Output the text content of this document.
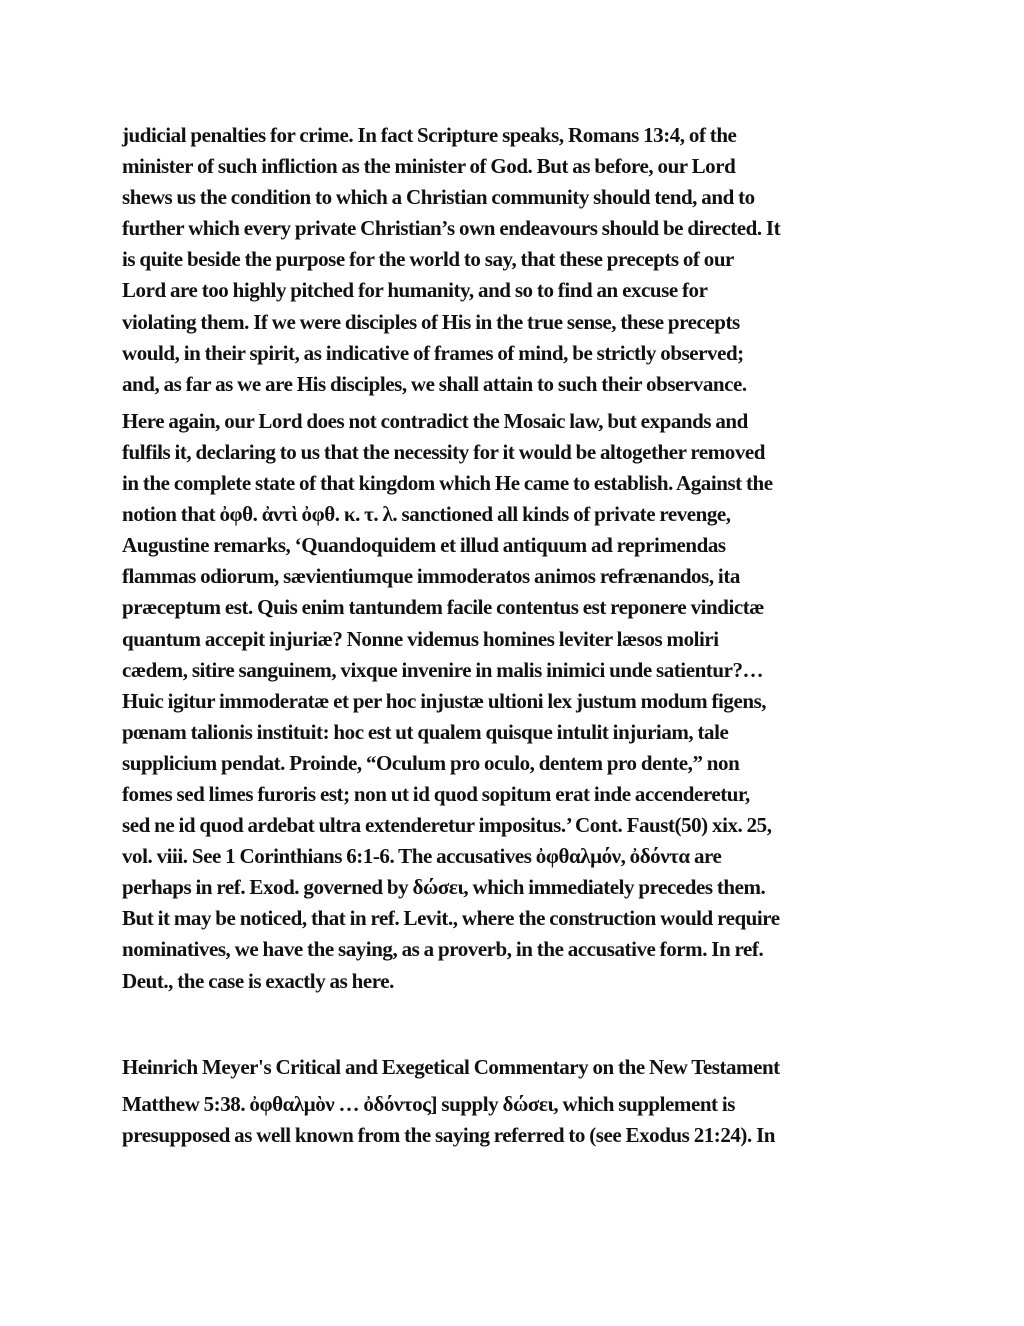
judicial penalties for crime. In fact Scripture speaks, Romans 13:4, of the
minister of such infliction as the minister of God. But as before, our Lord
shews us the condition to which a Christian community should tend, and to
further which every private Christian’s own endeavours should be directed. It
is quite beside the purpose for the world to say, that these precepts of our
Lord are too highly pitched for humanity, and so to find an excuse for
violating them. If we were disciples of His in the true sense, these precepts
would, in their spirit, as indicative of frames of mind, be strictly observed;
and, as far as we are His disciples, we shall attain to such their observance.
Here again, our Lord does not contradict the Mosaic law, but expands and
fulfils it, declaring to us that the necessity for it would be altogether removed
in the complete state of that kingdom which He came to establish. Against the
notion that ὀφθ. ἀντὶ ὀφθ. κ. τ. λ. sanctioned all kinds of private revenge,
Augustine remarks, ‘Quandoquidem et illud antiquum ad reprimendas
flammas odiorum, sævientiumque immoderatos animos refrænandos, ita
præceptum est. Quis enim tantundem facile contentus est reponere vindictæ
quantum accepit injuriæ? Nonne videmus homines leviter læsos moliri
cædem, sitire sanguinem, vixque invenire in malis inimici unde satientur?…
Huic igitur immoderatæ et per hoc injustæ ultioni lex justum modum figens,
pœnam talionis instituit: hoc est ut qualem quisque intulit injuriam, tale
supplicium pendat. Proinde, “Oculum pro oculo, dentem pro dente,” non
fomes sed limes furoris est; non ut id quod sopitum erat inde accenderetur,
sed ne id quod ardebat ultra extenderetur impositus.’ Cont. Faust(50) xix. 25,
vol. viii. See 1 Corinthians 6:1-6. The accusatives ὀφθαλμόν, ὀδόντα are
perhaps in ref. Exod. governed by δώσει, which immediately precedes them.
But it may be noticed, that in ref. Levit., where the construction would require
nominatives, we have the saying, as a proverb, in the accusative form. In ref.
Deut., the case is exactly as here.
Heinrich Meyer's Critical and Exegetical Commentary on the New Testament
Matthew 5:38. ὀφθαλμὸν … ὀδόντος] supply δώσει, which supplement is
presupposed as well known from the saying referred to (see Exodus 21:24). In
